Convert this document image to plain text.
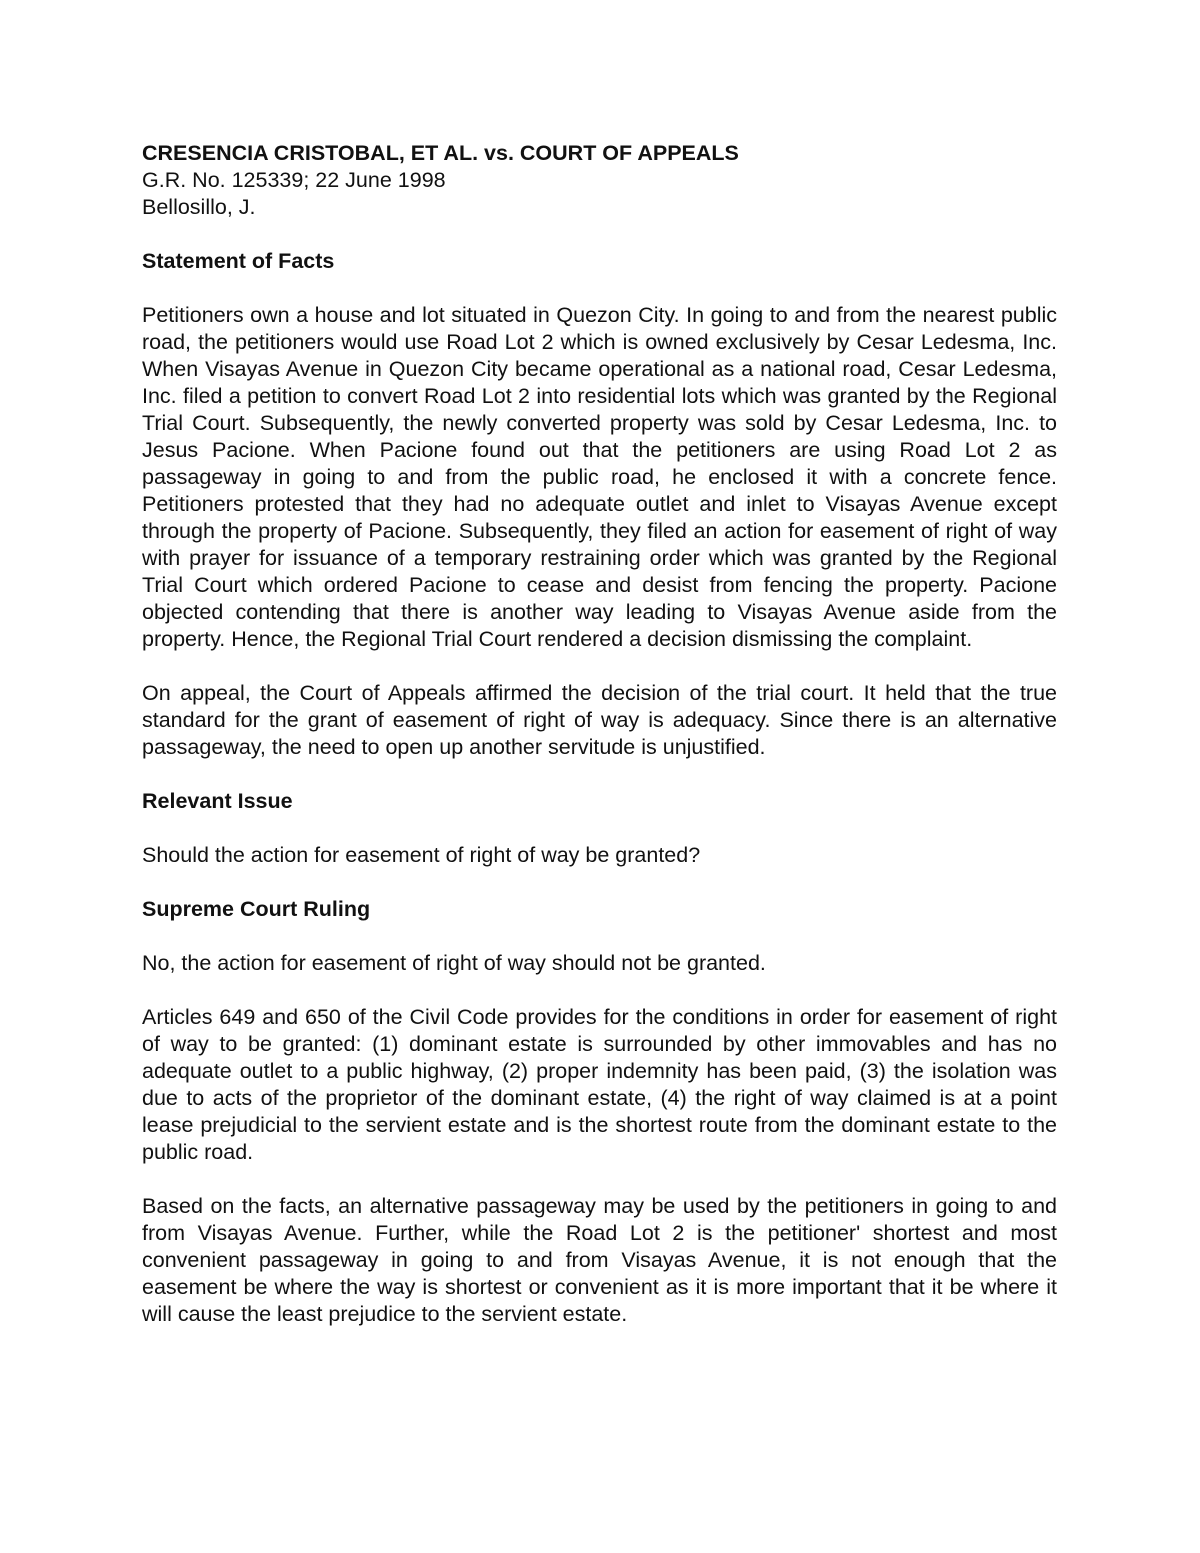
CRESENCIA CRISTOBAL, ET AL. vs. COURT OF APPEALS

G.R. No. 125339; 22 June 1998

Bellosillo, J.

Statement of Facts

Petitioners own a house and lot situated in Quezon City. In going to and from the nearest public road, the petitioners would use Road Lot 2 which is owned exclusively by Cesar Ledesma, Inc. When Visayas Avenue in Quezon City became operational as a national road, Cesar Ledesma, Inc. filed a petition to convert Road Lot 2 into residential lots which was granted by the Regional Trial Court. Subsequently, the newly converted property was sold by Cesar Ledesma, Inc. to Jesus Pacione. When Pacione found out that the petitioners are using Road Lot 2 as passageway in going to and from the public road, he enclosed it with a concrete fence. Petitioners protested that they had no adequate outlet and inlet to Visayas Avenue except through the property of Pacione. Subsequently, they filed an action for easement of right of way with prayer for issuance of a temporary restraining order which was granted by the Regional Trial Court which ordered Pacione to cease and desist from fencing the property. Pacione objected contending that there is another way leading to Visayas Avenue aside from the property. Hence, the Regional Trial Court rendered a decision dismissing the complaint.

On appeal, the Court of Appeals affirmed the decision of the trial court. It held that the true standard for the grant of easement of right of way is adequacy. Since there is an alternative passageway, the need to open up another servitude is unjustified.

Relevant Issue

Should the action for easement of right of way be granted?

Supreme Court Ruling

No, the action for easement of right of way should not be granted.

Articles 649 and 650 of the Civil Code provides for the conditions in order for easement of right of way to be granted: (1) dominant estate is surrounded by other immovables and has no adequate outlet to a public highway, (2) proper indemnity has been paid, (3) the isolation was due to acts of the proprietor of the dominant estate, (4) the right of way claimed is at a point lease prejudicial to the servient estate and is the shortest route from the dominant estate to the public road.

Based on the facts, an alternative passageway may be used by the petitioners in going to and from Visayas Avenue. Further, while the Road Lot 2 is the petitioner' shortest and most convenient passageway in going to and from Visayas Avenue, it is not enough that the easement be where the way is shortest or convenient as it is more important that it be where it will cause the least prejudice to the servient estate.
